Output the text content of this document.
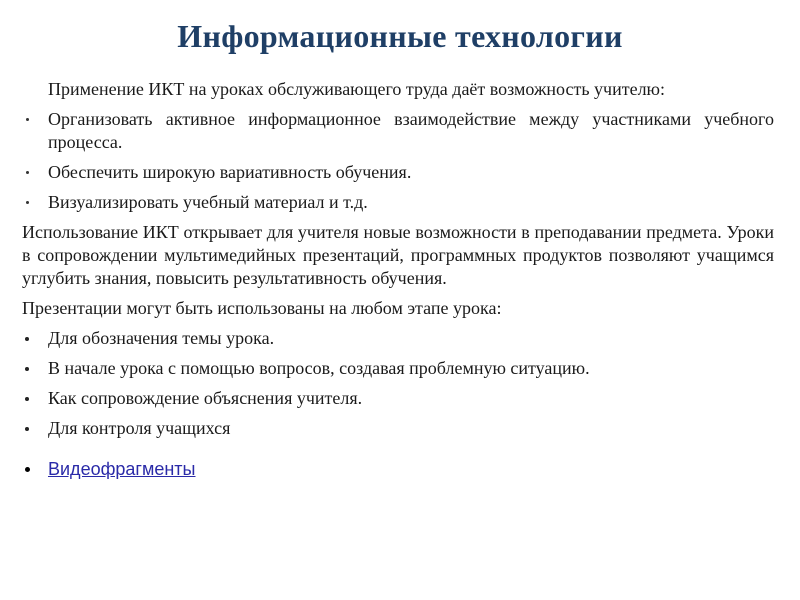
Информационные технологии

Применение ИКТ на уроках обслуживающего труда даёт возможность учителю:

Организовать активное информационное взаимодействие между участниками учебного процесса.
Обеспечить широкую вариативность обучения.
Визуализировать учебный материал и т.д.

Использование ИКТ открывает для учителя новые возможности в преподавании предмета. Уроки в сопровождении мультимедийных презентаций, программных продуктов позволяют учащимся углубить знания, повысить результативность обучения.

Презентации могут быть использованы на любом этапе урока:

Для обозначения темы урока.
В начале урока с помощью вопросов, создавая проблемную ситуацию.
Как сопровождение объяснения учителя.
Для контроля учащихся
Видеофрагменты
